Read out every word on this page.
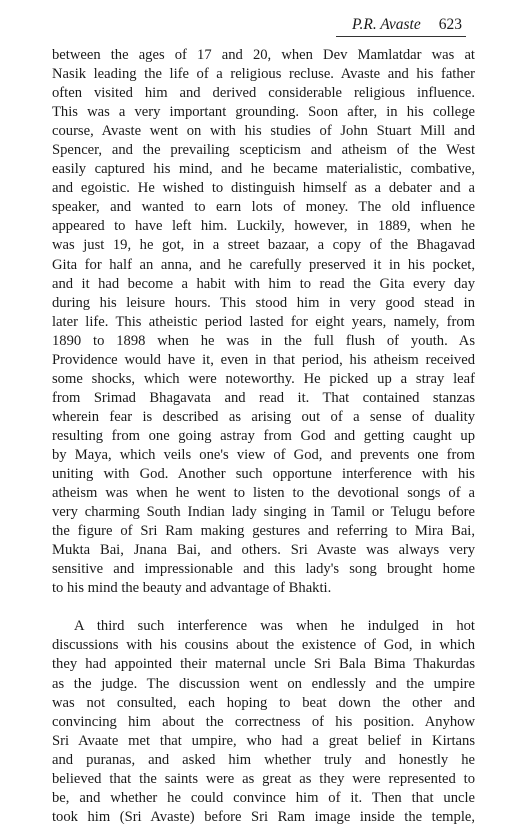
P.R. Avaste 623
between the ages of 17 and 20, when Dev Mamlatdar was at
Nasik leading the life of a religious recluse. Avaste and his father
often visited him and derived considerable religious influence.
This was a very important grounding. Soon after, in his college
course, Avaste went on with his studies of John Stuart Mill and
Spencer, and the prevailing scepticism and atheism of the West
easily captured his mind, and he became materialistic, combative,
and egoistic. He wished to distinguish himself as a debater and a
speaker, and wanted to earn lots of money. The old influence
appeared to have left him. Luckily, however, in 1889, when he
was just 19, he got, in a street bazaar, a copy of the Bhagavad
Gita for half an anna, and he carefully preserved it in his pocket,
and it had become a habit with him to read the Gita every day
during his leisure hours. This stood him in very good stead in
later life. This atheistic period lasted for eight years, namely, from
1890 to 1898 when he was in the full flush of youth. As
Providence would have it, even in that period, his atheism received
some shocks, which were noteworthy. He picked up a stray leaf
from Srimad Bhagavata and read it. That contained stanzas
wherein fear is described as arising out of a sense of duality
resulting from one going astray from God and getting caught up
by Maya, which veils one's view of God, and prevents one from
uniting with God. Another such opportune interference with his
atheism was when he went to listen to the devotional songs of a
very charming South Indian lady singing in Tamil or Telugu before
the figure of Sri Ram making gestures and referring to Mira Bai,
Mukta Bai, Jnana Bai, and others. Sri Avaste was always very
sensitive and impressionable and this lady's song brought home
to his mind the beauty and advantage of Bhakti.
A third such interference was when he indulged in hot
discussions with his cousins about the existence of God, in which
they had appointed their maternal uncle Sri Bala Bima Thakurdas
as the judge. The discussion went on endlessly and the umpire
was not consulted, each hoping to beat down the other and
convincing him about the correctness of his position. Anyhow
Sri Avaate met that umpire, who had a great belief in Kirtans
and puranas, and asked him whether truly and honestly he
believed that the saints were as great as they were represented to
be, and whether he could convince him of it. Then that uncle
took him (Sri Avaste) before Sri Ram image inside the temple,
